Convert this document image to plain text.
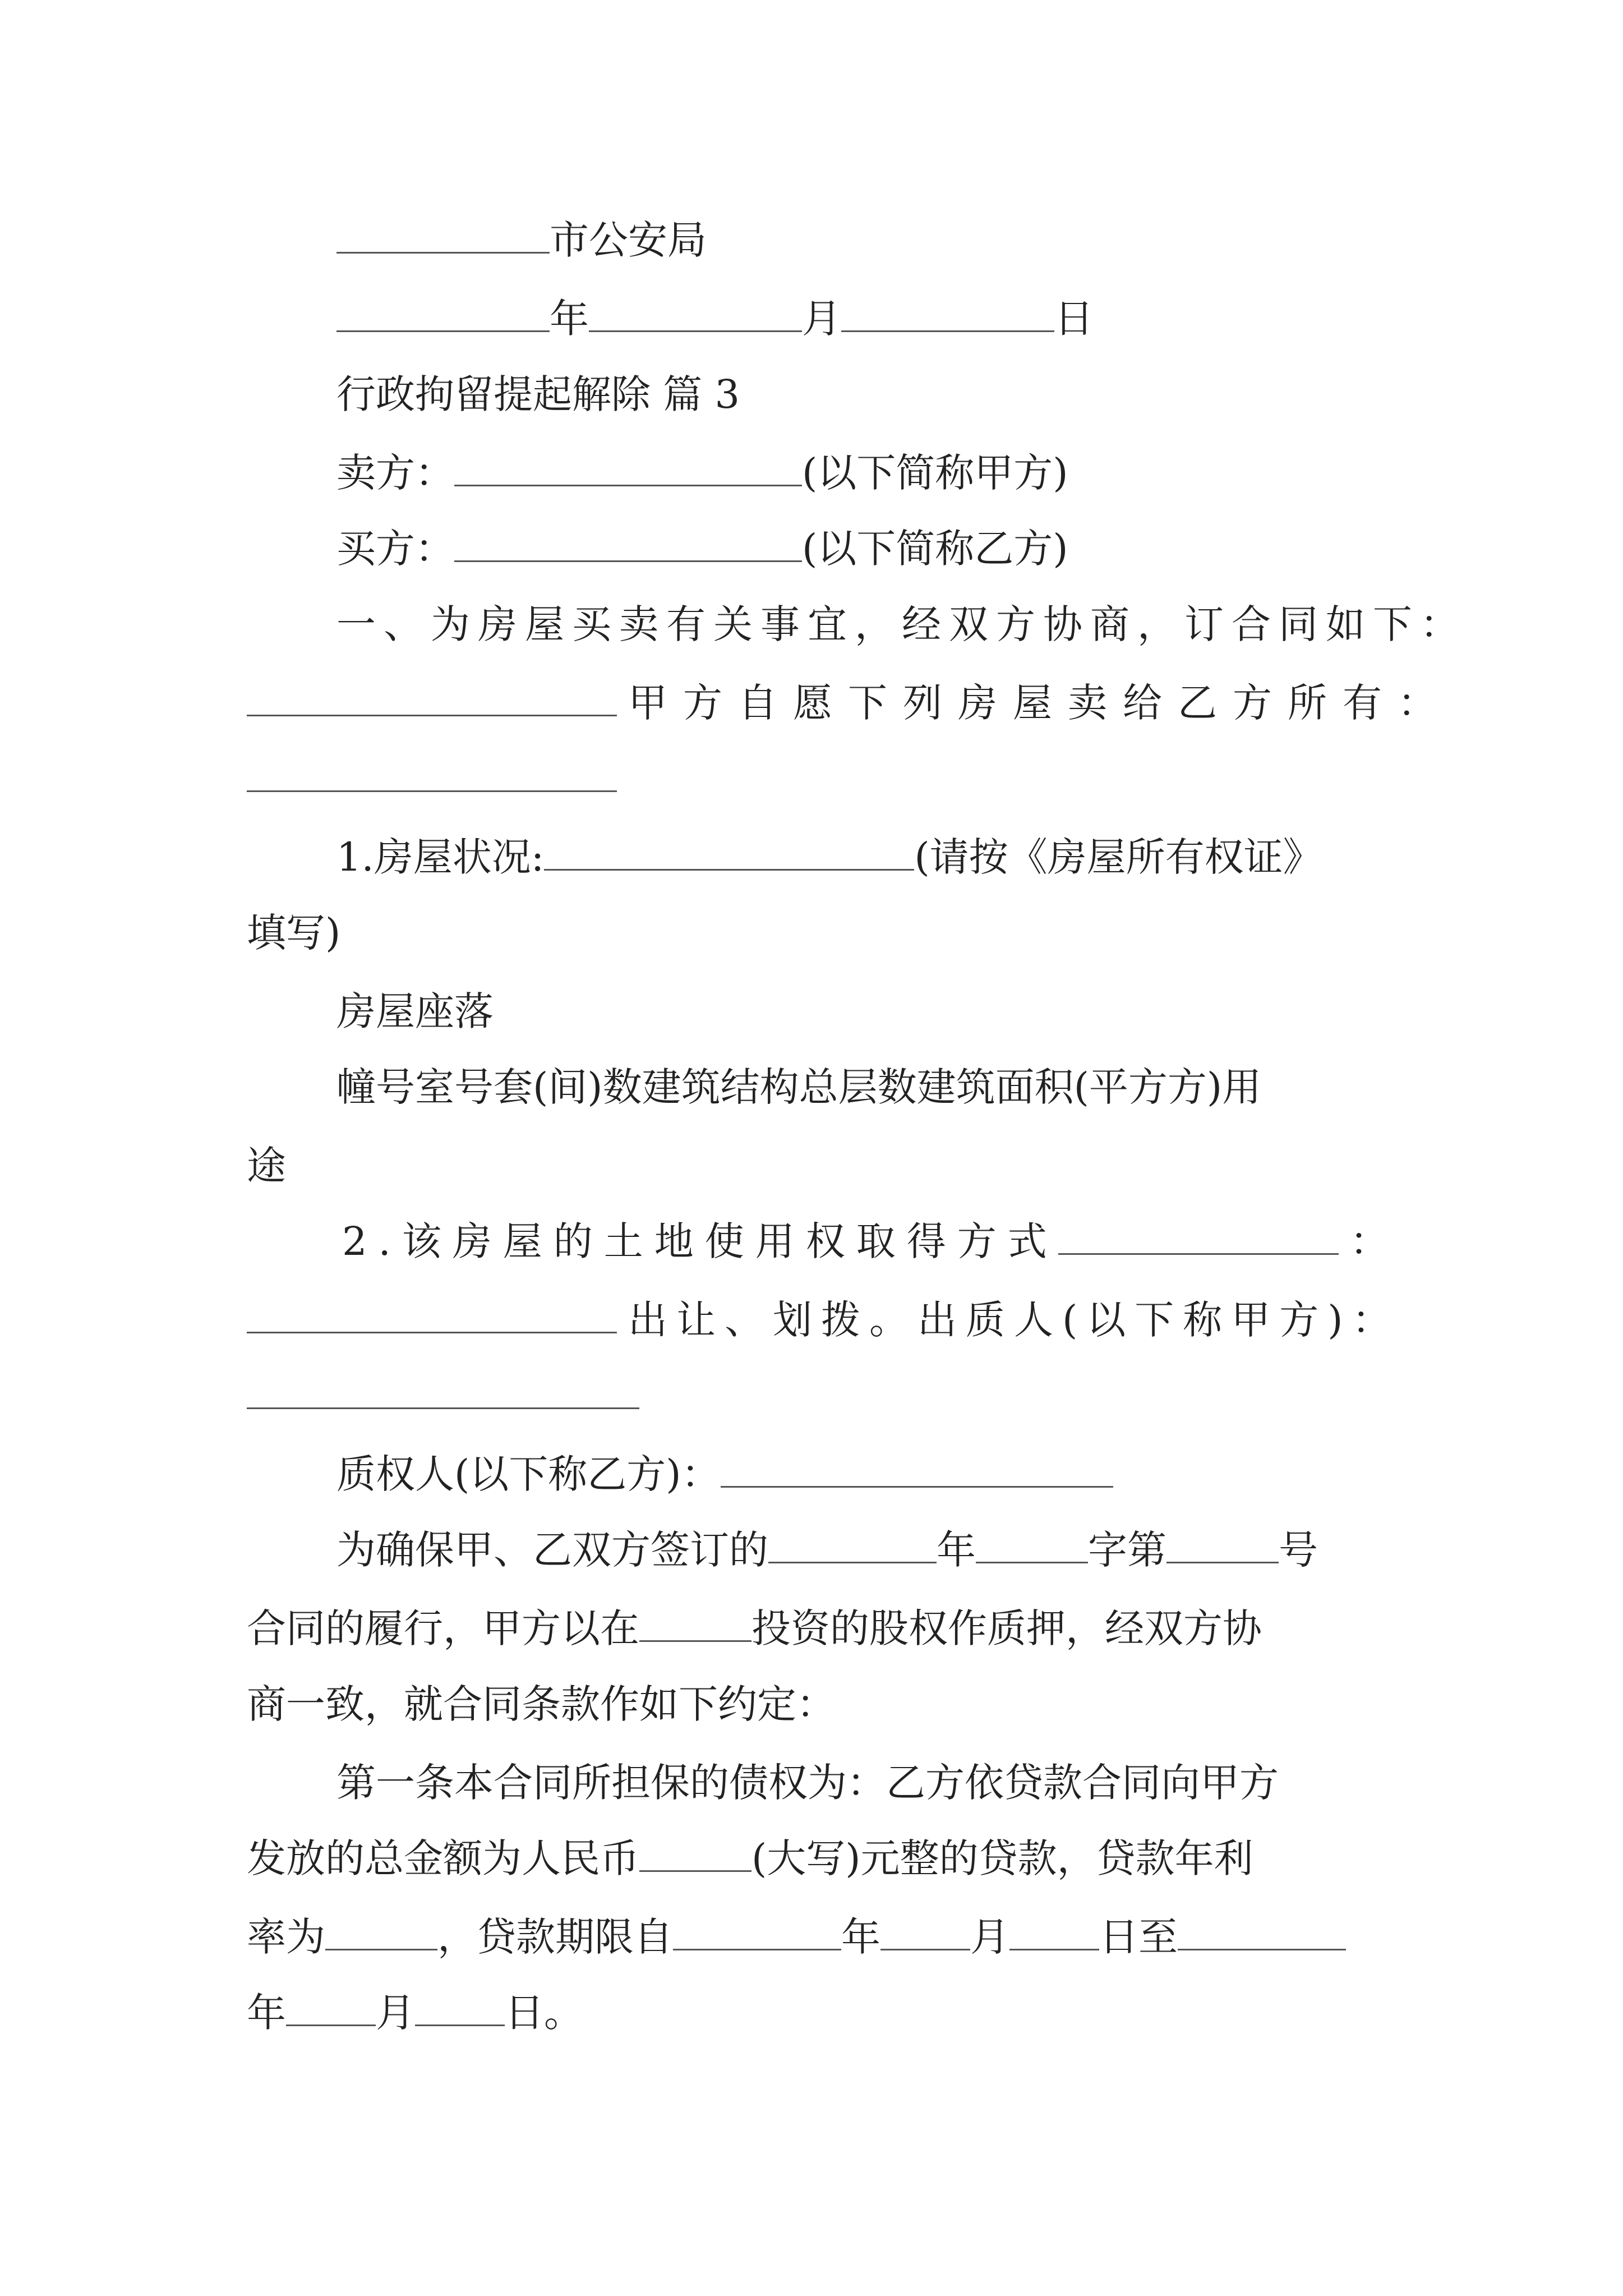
市公安局
年	月	日
行政拘留提起解除 篇 3
卖方：	(以下简称甲方)
买方：	(以下简称乙方)
一、为房屋买卖有关事宜，经双方协商，订合同如下：
甲方自愿下列房屋卖给乙方所有：
1.房屋状况:	(请按《房屋所有权证》
填写)
房屋座落
幢号室号套(间)数建筑结构总层数建筑面积(平方方)用
途
2.该房屋的土地使用权取得方式	：
出让、划拨。出质人(以下称甲方)：
质权人(以下称乙方)：
为确保甲、乙双方签订的	年	字第	号
合同的履行，甲方以在	投资的股权作质押，经双方协
商一致，就合同条款作如下约定：
第一条本合同所担保的债权为：乙方依贷款合同向甲方
发放的总金额为人民币	(大写)元整的贷款，贷款年利
率为	，贷款期限自	年 月 日至
年 月 日。
